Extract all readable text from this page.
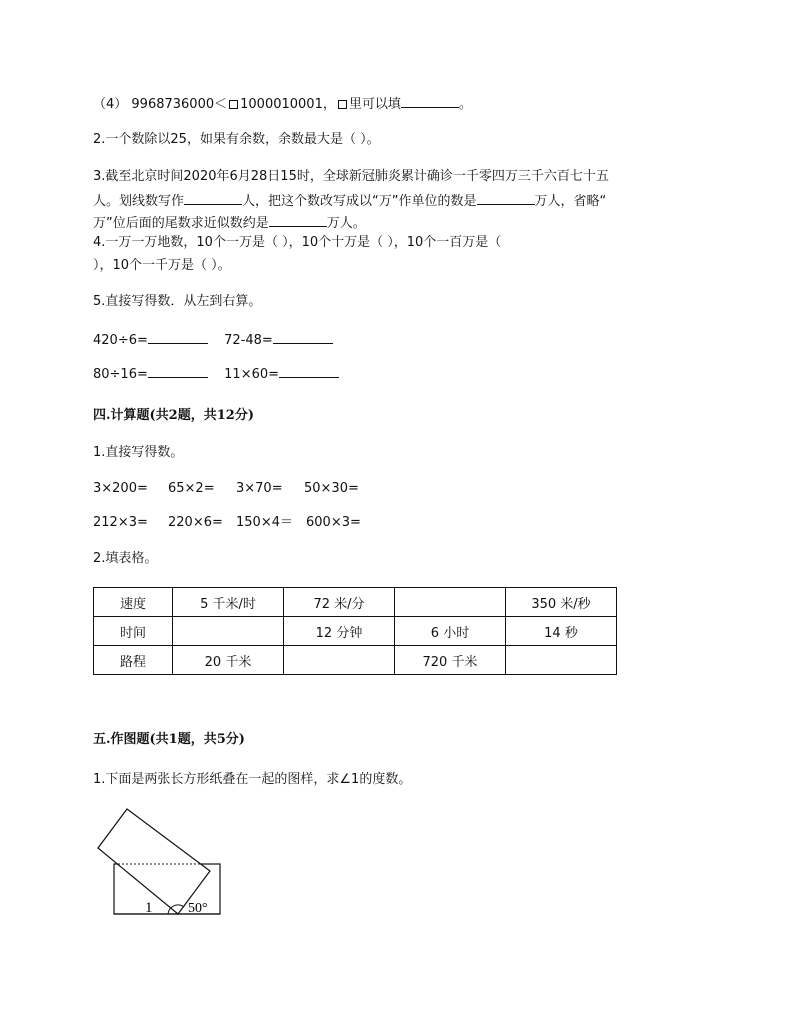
（4） 9968736000＜ 1000010001， 里可以填	。
2.一个数除以25，如果有余数，余数最大是（ ）。
3.截至北京时间2020年6月28日15时，全球新冠肺炎累计确诊一千零四万三千六百七十五
人。划线数写作	人，把这个数改写成以“万”作单位的数是	万人，省略“
万”位后面的尾数求近似数约是	万人。
4.一万一万地数，10个一万是（ ），10个十万是（ ），10个一百万是（
），10个一千万是（ ）。
5.直接写得数．从左到右算。
420÷6=	72-48=
80÷16=	11×60=
四.计算题(共2题，共12分)
1.直接写得数。
3×200= 65×2= 3×70= 50×30=
212×3= 220×6= 150×4＝ 600×3=
2.填表格。
速度	5 千米/时	72 米/分		350 米/秒
时间		12 分钟	6 小时	14 秒
路程	20 千米		720 千米	
五.作图题(共1题，共5分)
1.下面是两张长方形纸叠在一起的图样，求∠1的度数。
1	50°
